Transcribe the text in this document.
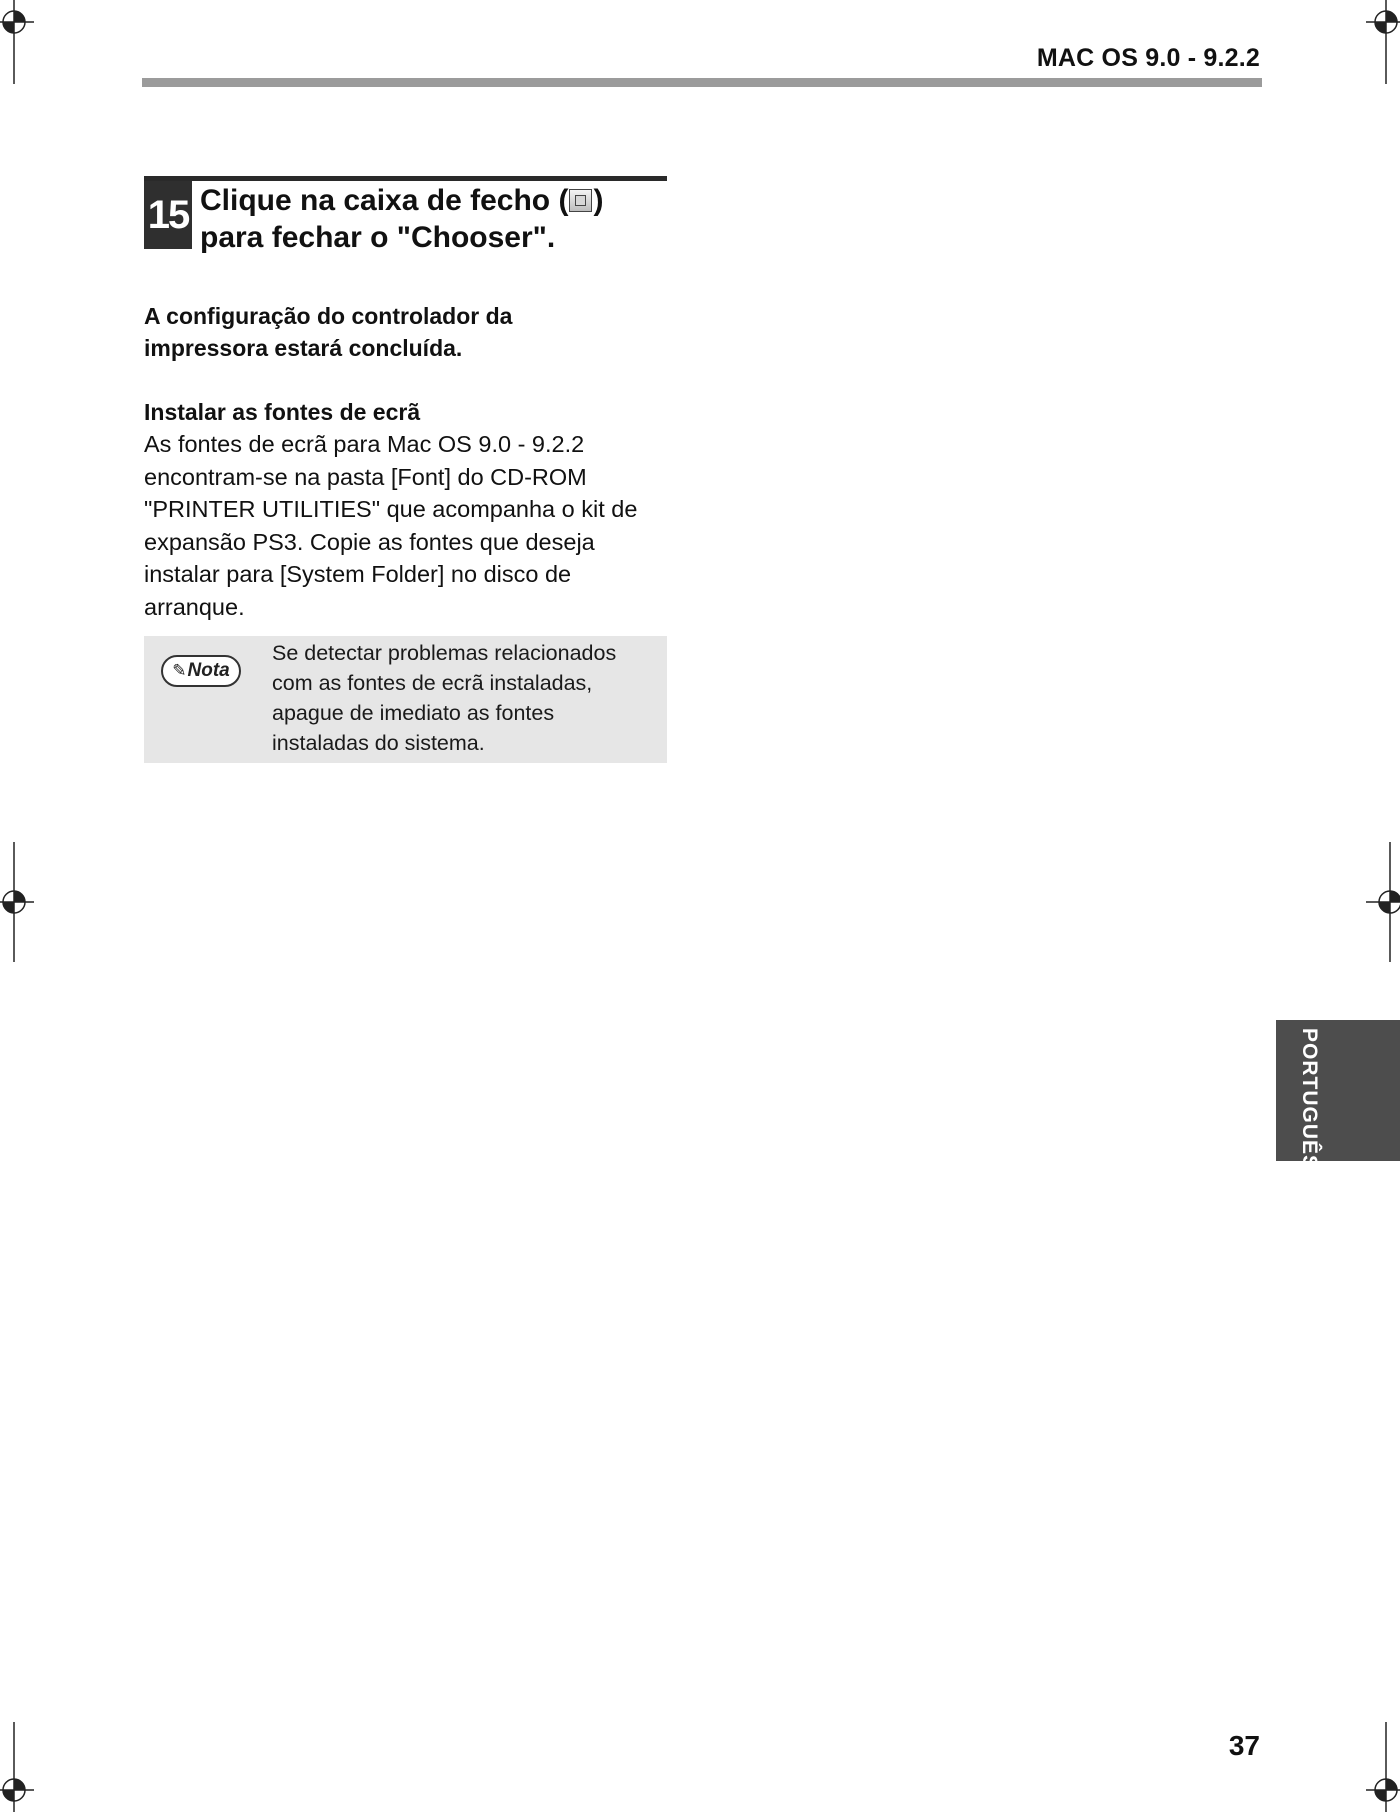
MAC OS 9.0 - 9.2.2
15 Clique na caixa de fecho ( )
para fechar o "Chooser".
A configuração do controlador da
impressora estará concluída.
Instalar as fontes de ecrã
As fontes de ecrã para Mac OS 9.0 - 9.2.2
encontram-se na pasta [Font] do CD-ROM
"PRINTER UTILITIES" que acompanha o kit de
expansão PS3. Copie as fontes que deseja
instalar para [System Folder] no disco de
arranque.
✎ Nota
Se detectar problemas relacionados
com as fontes de ecrã instaladas,
apague de imediato as fontes
instaladas do sistema.
PORTUGUÊS
37
